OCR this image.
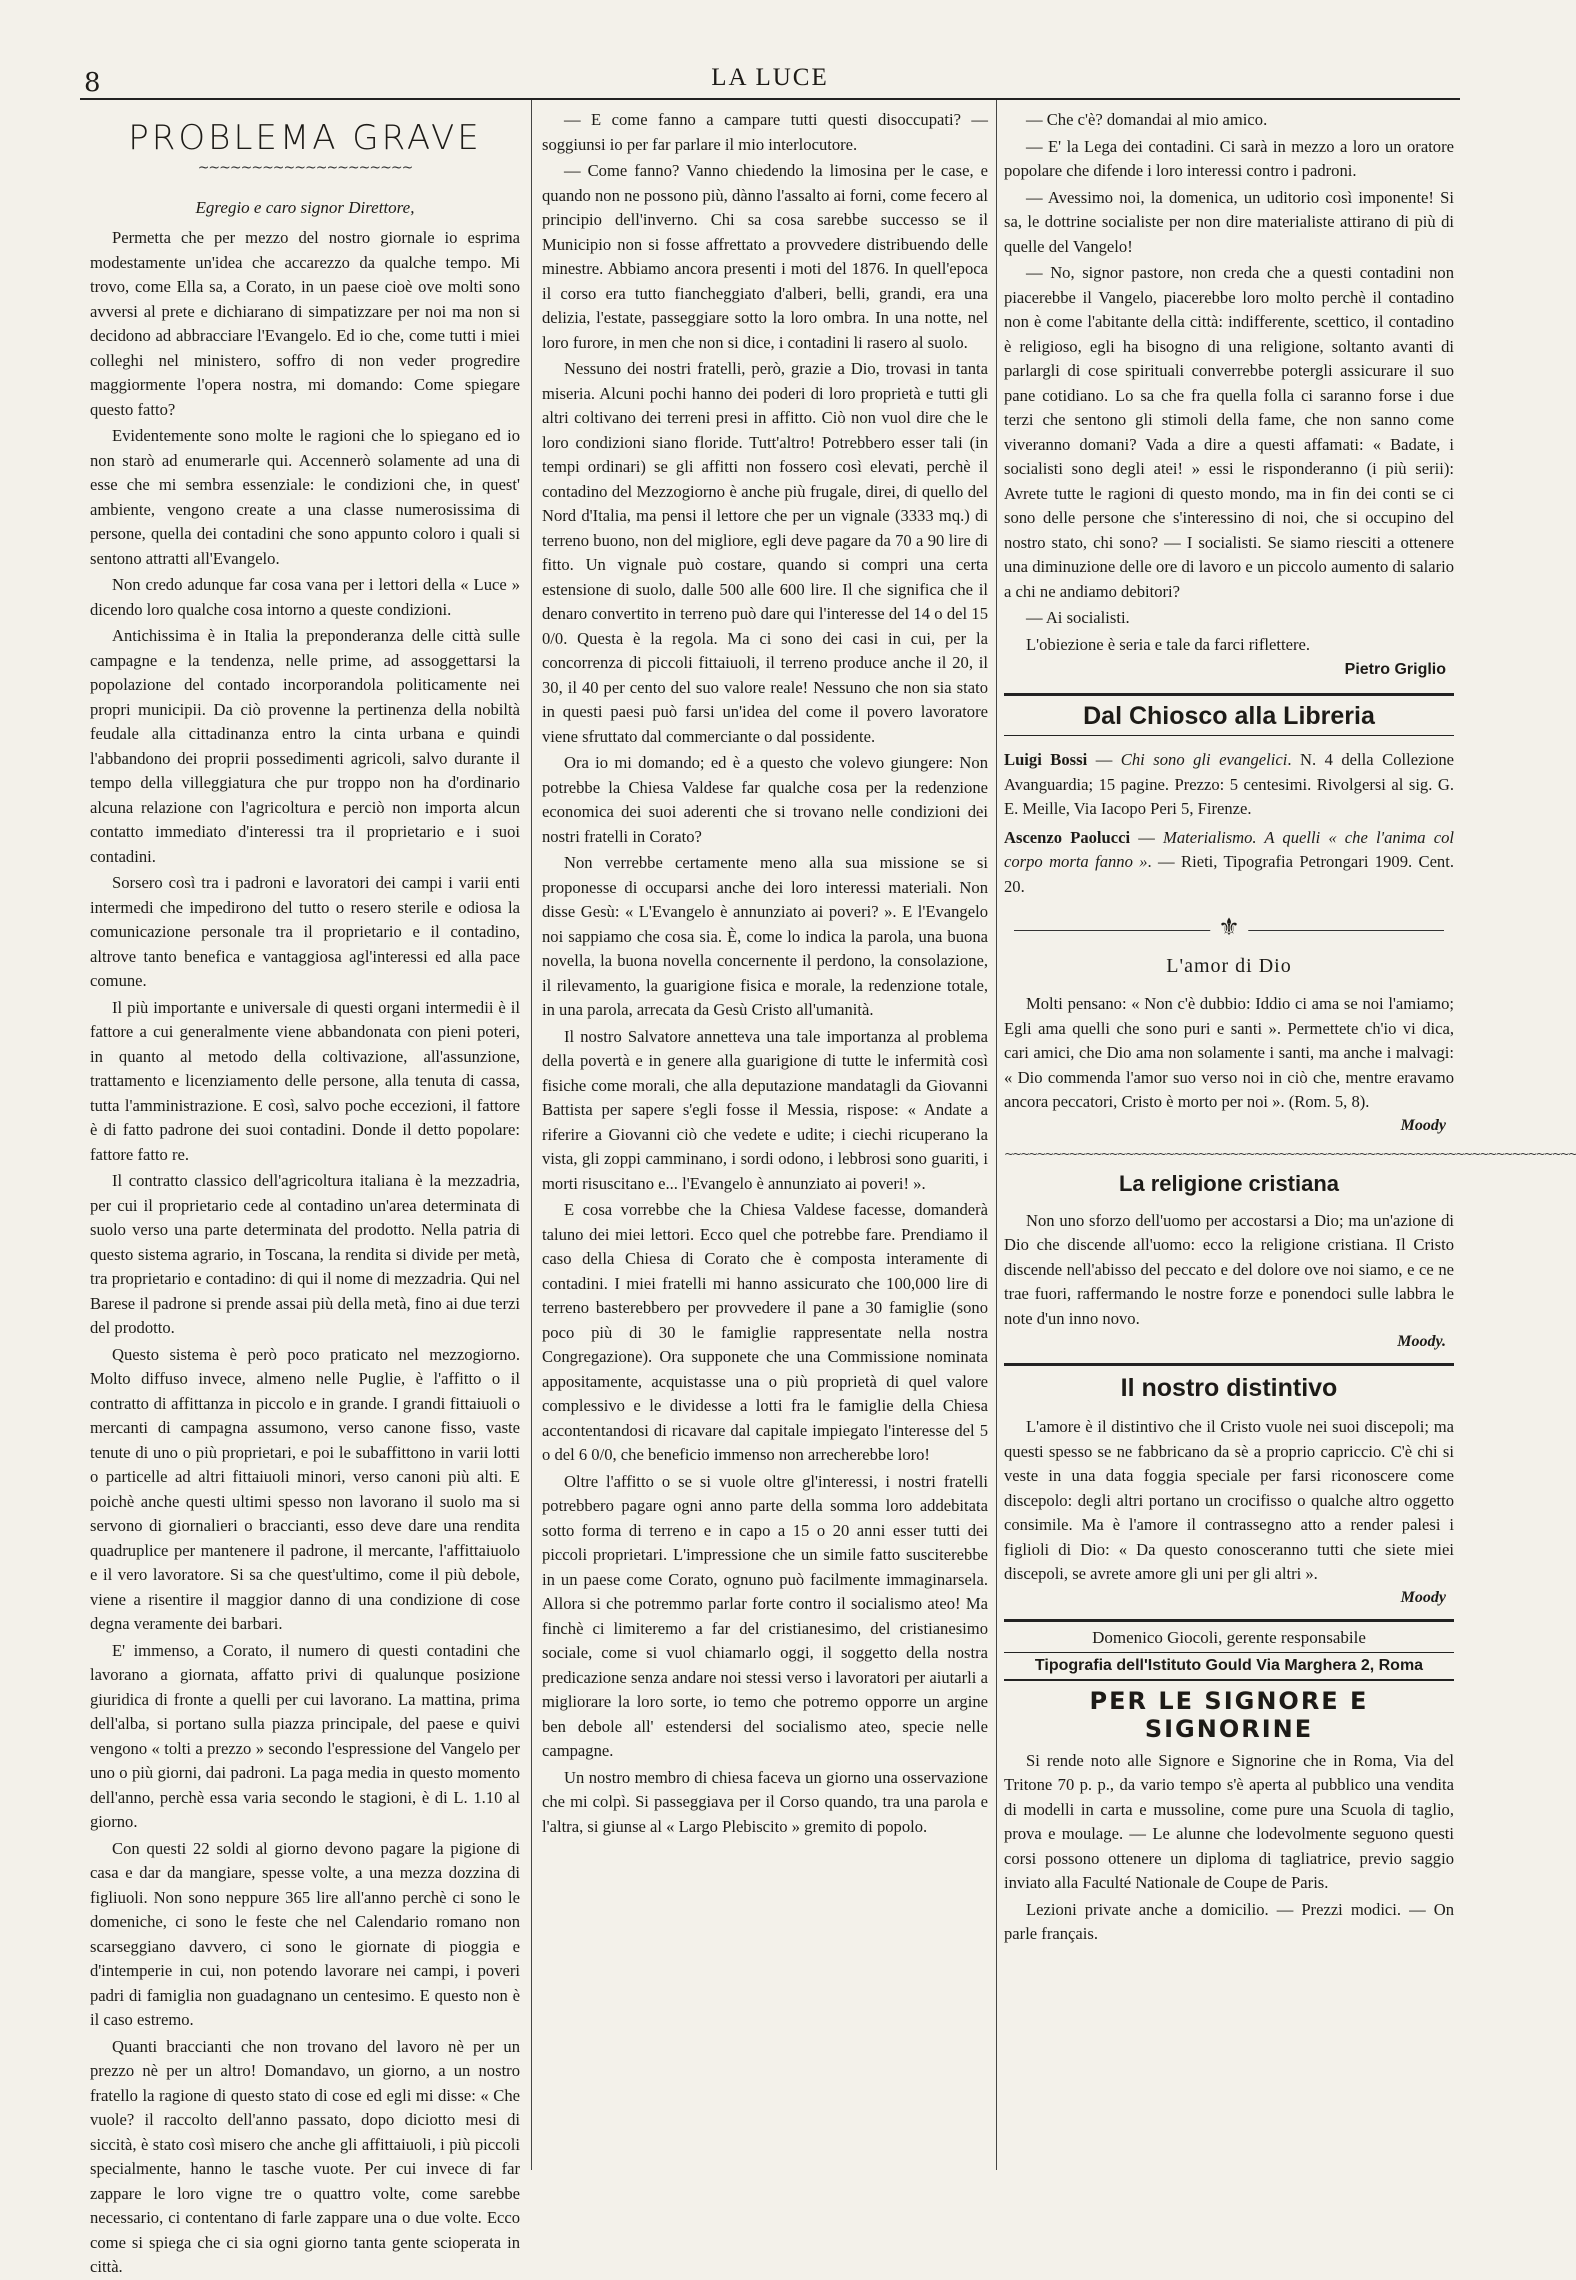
8	LA LUCE
PROBLEMA GRAVE
~~~~~~~~~~~~~~~~~~~~
Egregio e caro signor Direttore,

Permetta che per mezzo del nostro giornale io esprima modestamente un'idea che accarezzo da qualche tempo. Mi trovo, come Ella sa, a Corato, in un paese cioè ove molti sono avversi al prete e dichiarano di simpatizzare per noi ma non si decidono ad abbracciare l'Evangelo. Ed io che, come tutti i miei colleghi nel ministero, soffro di non veder progredire maggiormente l'opera nostra, mi domando: Come spiegare questo fatto?

Evidentemente sono molte le ragioni che lo spiegano ed io non starò ad enumerarle qui. Accennerò solamente ad una di esse che mi sembra essenziale: le condizioni che, in quest' ambiente, vengono create a una classe numerosissima di persone, quella dei contadini che sono appunto coloro i quali si sentono attratti all'Evangelo.

Non credo adunque far cosa vana per i lettori della « Luce » dicendo loro qualche cosa intorno a queste condizioni.

Antichissima è in Italia la preponderanza delle città sulle campagne e la tendenza, nelle prime, ad assoggettarsi la popolazione del contado incorporandola politicamente nei propri municipii. Da ciò provenne la pertinenza della nobiltà feudale alla cittadinanza entro la cinta urbana e quindi l'abbandono dei proprii possedimenti agricoli, salvo durante il tempo della villeggiatura che pur troppo non ha d'ordinario alcuna relazione con l'agricoltura e perciò non importa alcun contatto immediato d'interessi tra il proprietario e i suoi contadini.

Sorsero così tra i padroni e lavoratori dei campi i varii enti intermedi che impedirono del tutto o resero sterile e odiosa la comunicazione personale tra il proprietario e il contadino, altrove tanto benefica e vantaggiosa agl'interessi ed alla pace comune.

Il più importante e universale di questi organi intermedii è il fattore a cui generalmente viene abbandonata con pieni poteri, in quanto al metodo della coltivazione, all'assunzione, trattamento e licenziamento delle persone, alla tenuta di cassa, tutta l'amministrazione. E così, salvo poche eccezioni, il fattore è di fatto padrone dei suoi contadini. Donde il detto popolare: fattore fatto re.

Il contratto classico dell'agricoltura italiana è la mezzadria, per cui il proprietario cede al contadino un'area determinata di suolo verso una parte determinata del prodotto. Nella patria di questo sistema agrario, in Toscana, la rendita si divide per metà, tra proprietario e contadino: di qui il nome di mezzadria. Qui nel Barese il padrone si prende assai più della metà, fino ai due terzi del prodotto.

Questo sistema è però poco praticato nel mezzogiorno. Molto diffuso invece, almeno nelle Puglie, è l'affitto o il contratto di affittanza in piccolo e in grande. I grandi fittaiuoli o mercanti di campagna assumono, verso canone fisso, vaste tenute di uno o più proprietari, e poi le subaffittono in varii lotti o particelle ad altri fittaiuoli minori, verso canoni più alti. E poichè anche questi ultimi spesso non lavorano il suolo ma si servono di giornalieri o braccianti, esso deve dare una rendita quadruplice per mantenere il padrone, il mercante, l'affittaiuolo e il vero lavoratore. Si sa che quest'ultimo, come il più debole, viene a risentire il maggior danno di una condizione di cose degna veramente dei barbari.

E' immenso, a Corato, il numero di questi contadini che lavorano a giornata, affatto privi di qualunque posizione giuridica di fronte a quelli per cui lavorano. La mattina, prima dell'alba, si portano sulla piazza principale, del paese e quivi vengono « tolti a prezzo » secondo l'espressione del Vangelo per uno o più giorni, dai padroni. La paga media in questo momento dell'anno, perchè essa varia secondo le stagioni, è di L. 1.10 al giorno.

Con questi 22 soldi al giorno devono pagare la pigione di casa e dar da mangiare, spesse volte, a una mezza dozzina di figliuoli. Non sono neppure 365 lire all'anno perchè ci sono le domeniche, ci sono le feste che nel Calendario romano non scarseggiano davvero, ci sono le giornate di pioggia e d'intemperie in cui, non potendo lavorare nei campi, i poveri padri di famiglia non guadagnano un centesimo. E questo non è il caso estremo.

Quanti braccianti che non trovano del lavoro nè per un prezzo nè per un altro! Domandavo, un giorno, a un nostro fratello la ragione di questo stato di cose ed egli mi disse: « Che vuole? il raccolto dell'anno passato, dopo diciotto mesi di siccità, è stato così misero che anche gli affittaiuoli, i più piccoli specialmente, hanno le tasche vuote. Per cui invece di far zappare le loro vigne tre o quattro volte, come sarebbe necessario, ci contentano di farle zappare una o due volte. Ecco come si spiega che ci sia ogni giorno tanta gente scioperata in città.

— E come fanno a campare tutti questi disoccupati? — soggiunsi io per far parlare il mio interlocutore.

— Come fanno? Vanno chiedendo la limosina per le case, e quando non ne possono più, dànno l'assalto ai forni, come fecero al principio dell'inverno. Chi sa cosa sarebbe successo se il Municipio non si fosse affrettato a provvedere distribuendo delle minestre. Abbiamo ancora presenti i moti del 1876. In quell'epoca il corso era tutto fiancheggiato d'alberi, belli, grandi, era una delizia, l'estate, passeggiare sotto la loro ombra. In una notte, nel loro furore, in men che non si dice, i contadini li rasero al suolo.

Nessuno dei nostri fratelli, però, grazie a Dio, trovasi in tanta miseria. Alcuni pochi hanno dei poderi di loro proprietà e tutti gli altri coltivano dei terreni presi in affitto. Ciò non vuol dire che le loro condizioni siano floride. Tutt'altro! Potrebbero esser tali (in tempi ordinari) se gli affitti non fossero così elevati, perchè il contadino del Mezzogiorno è anche più frugale, direi, di quello del Nord d'Italia, ma pensi il lettore che per un vignale (3333 mq.) di terreno buono, non del migliore, egli deve pagare da 70 a 90 lire di fitto. Un vignale può costare, quando si compri una certa estensione di suolo, dalle 500 alle 600 lire. Il che significa che il denaro convertito in terreno può dare qui l'interesse del 14 o del 15 0/0. Questa è la regola. Ma ci sono dei casi in cui, per la concorrenza di piccoli fittaiuoli, il terreno produce anche il 20, il 30, il 40 per cento del suo valore reale! Nessuno che non sia stato in questi paesi può farsi un'idea del come il povero lavoratore viene sfruttato dal commerciante o dal possidente.

Ora io mi domando; ed è a questo che volevo giungere: Non potrebbe la Chiesa Valdese far qualche cosa per la redenzione economica dei suoi aderenti che si trovano nelle condizioni dei nostri fratelli in Corato?

Non verrebbe certamente meno alla sua missione se si proponesse di occuparsi anche dei loro interessi materiali. Non disse Gesù: « L'Evangelo è annunziato ai poveri? ». E l'Evangelo noi sappiamo che cosa sia. È, come lo indica la parola, una buona novella, la buona novella concernente il perdono, la consolazione, il rilevamento, la guarigione fisica e morale, la redenzione totale, in una parola, arrecata da Gesù Cristo all'umanità.

Il nostro Salvatore annetteva una tale importanza al problema della povertà e in genere alla guarigione di tutte le infermità così fisiche come morali, che alla deputazione mandatagli da Giovanni Battista per sapere s'egli fosse il Messia, rispose: « Andate a riferire a Giovanni ciò che vedete e udite; i ciechi ricuperano la vista, gli zoppi camminano, i sordi odono, i lebbrosi sono guariti, i morti risuscitano e... l'Evangelo è annunziato ai poveri! ».

E cosa vorrebbe che la Chiesa Valdese facesse, domanderà taluno dei miei lettori. Ecco quel che potrebbe fare. Prendiamo il caso della Chiesa di Corato che è composta interamente di contadini. I miei fratelli mi hanno assicurato che 100,000 lire di terreno basterebbero per provvedere il pane a 30 famiglie (sono poco più di 30 le famiglie rappresentate nella nostra Congregazione). Ora supponete che una Commissione nominata appositamente, acquistasse una o più proprietà di quel valore complessivo e le dividesse a lotti fra le famiglie della Chiesa accontentandosi di ricavare dal capitale impiegato l'interesse del 5 o del 6 0/0, che beneficio immenso non arrecherebbe loro!

Oltre l'affitto o se si vuole oltre gl'interessi, i nostri fratelli potrebbero pagare ogni anno parte della somma loro addebitata sotto forma di terreno e in capo a 15 o 20 anni esser tutti dei piccoli proprietari. L'impressione che un simile fatto susciterebbe in un paese come Corato, ognuno può facilmente immaginarsela. Allora si che potremmo parlar forte contro il socialismo ateo! Ma finchè ci limiteremo a far del cristianesimo, del cristianesimo sociale, come si vuol chiamarlo oggi, il soggetto della nostra predicazione senza andare noi stessi verso i lavoratori per aiutarli a migliorare la loro sorte, io temo che potremo opporre un argine ben debole all' estendersi del socialismo ateo, specie nelle campagne.

Un nostro membro di chiesa faceva un giorno una osservazione che mi colpì. Si passeggiava per il Corso quando, tra una parola e l'altra, si giunse al « Largo Plebiscito » gremito di popolo.

— Che c'è? domandai al mio amico.

— E' la Lega dei contadini. Ci sarà in mezzo a loro un oratore popolare che difende i loro interessi contro i padroni.

— Avessimo noi, la domenica, un uditorio così imponente! Si sa, le dottrine socialiste per non dire materialiste attirano di più di quelle del Vangelo!

— No, signor pastore, non creda che a questi contadini non piacerebbe il Vangelo, piacerebbe loro molto perchè il contadino non è come l'abitante della città: indifferente, scettico, il contadino è religioso, egli ha bisogno di una religione, soltanto avanti di parlargli di cose spirituali converrebbe potergli assicurare il suo pane cotidiano. Lo sa che fra quella folla ci saranno forse i due terzi che sentono gli stimoli della fame, che non sanno come viveranno domani? Vada a dire a questi affamati: « Badate, i socialisti sono degli atei! » essi le risponderanno (i più serii): Avrete tutte le ragioni di questo mondo, ma in fin dei conti se ci sono delle persone che s'interessino di noi, che si occupino del nostro stato, chi sono? — I socialisti. Se siamo riesciti a ottenere una diminuzione delle ore di lavoro e un piccolo aumento di salario a chi ne andiamo debitori?

— Ai socialisti.

L'obiezione è seria e tale da farci riflettere.

Pietro Griglio
Dal Chiosco alla Libreria

Luigi Bossi — Chi sono gli evangelici. N. 4 della Collezione Avanguardia; 15 pagine. Prezzo: 5 centesimi. Rivolgersi al sig. G. E. Meille, Via Iacopo Peri 5, Firenze.

Ascenzo Paolucci — Materialismo. A quelli « che l'anima col corpo morta fanno ». — Rieti, Tipografia Petrongari 1909. Cent. 20.

⚜
L'amor di Dio

Molti pensano: « Non c'è dubbio: Iddio ci ama se noi l'amiamo; Egli ama quelli che sono puri e santi ». Permettete ch'io vi dica, cari amici, che Dio ama non solamente i santi, ma anche i malvagi: « Dio commenda l'amor suo verso noi in ciò che, mentre eravamo ancora peccatori, Cristo è morto per noi ». (Rom. 5, 8).

Moody
~~~~~~~~~~~~~~~~~~~~~~~~~~~~~~~~~~~~~~~~~~~~~~~~~~~~~~~~~~~~~~~~~~~~~~~
La religione cristiana

Non uno sforzo dell'uomo per accostarsi a Dio; ma un'azione di Dio che discende all'uomo: ecco la religione cristiana. Il Cristo discende nell'abisso del peccato e del dolore ove noi siamo, e ce ne trae fuori, raffermando le nostre forze e ponendoci sulle labbra le note d'un inno novo.

Moody.
Il nostro distintivo

L'amore è il distintivo che il Cristo vuole nei suoi discepoli; ma questi spesso se ne fabbricano da sè a proprio capriccio. C'è chi si veste in una data foggia speciale per farsi riconoscere come discepolo: degli altri portano un crocifisso o qualche altro oggetto consimile. Ma è l'amore il contrassegno atto a render palesi i figlioli di Dio: « Da questo conosceranno tutti che siete miei discepoli, se avrete amore gli uni per gli altri ».

Moody
Domenico Giocoli, gerente responsabile
Tipografia dell'Istituto Gould Via Marghera 2, Roma
PER LE SIGNORE E SIGNORINE

Si rende noto alle Signore e Signorine che in Roma, Via del Tritone 70 p. p., da vario tempo s'è aperta al pubblico una vendita di modelli in carta e mussoline, come pure una Scuola di taglio, prova e moulage. — Le alunne che lodevolmente seguono questi corsi possono ottenere un diploma di tagliatrice, previo saggio inviato alla Faculté Nationale de Coupe de Paris.

Lezioni private anche a domicilio. — Prezzi modici. — On parle français.
